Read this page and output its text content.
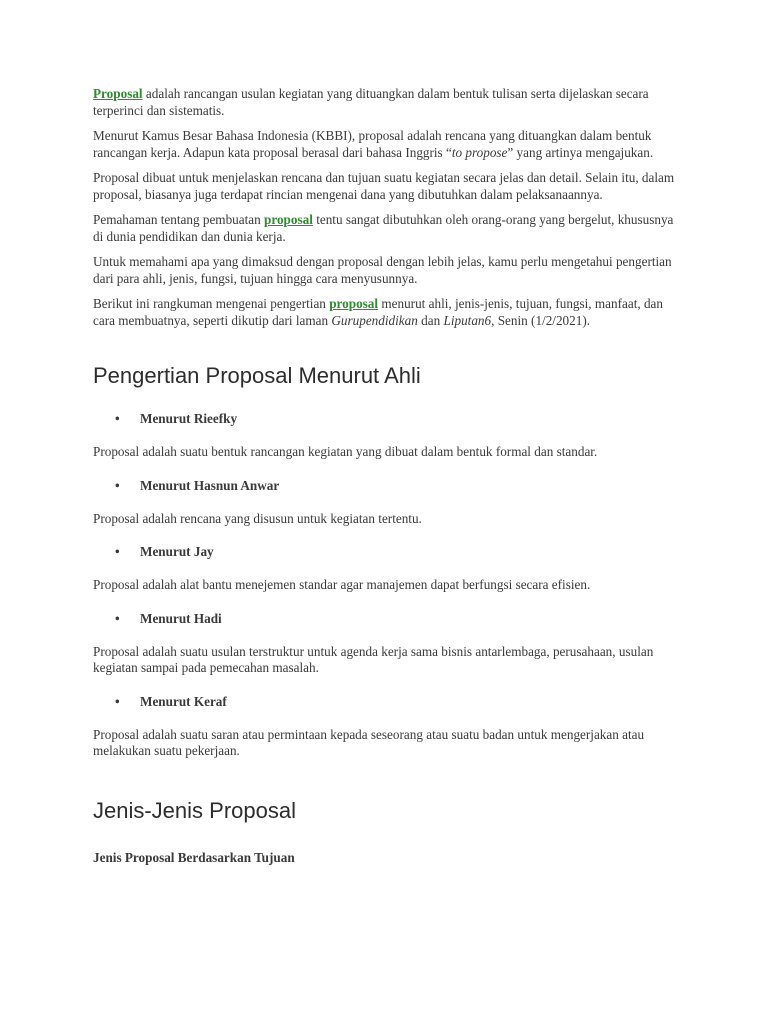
Proposal adalah rancangan usulan kegiatan yang dituangkan dalam bentuk tulisan serta dijelaskan secara terperinci dan sistematis.

Menurut Kamus Besar Bahasa Indonesia (KBBI), proposal adalah rencana yang dituangkan dalam bentuk rancangan kerja. Adapun kata proposal berasal dari bahasa Inggris “to propose” yang artinya mengajukan.

Proposal dibuat untuk menjelaskan rencana dan tujuan suatu kegiatan secara jelas dan detail. Selain itu, dalam proposal, biasanya juga terdapat rincian mengenai dana yang dibutuhkan dalam pelaksanaannya.

Pemahaman tentang pembuatan proposal tentu sangat dibutuhkan oleh orang-orang yang bergelut, khususnya di dunia pendidikan dan dunia kerja.

Untuk memahami apa yang dimaksud dengan proposal dengan lebih jelas, kamu perlu mengetahui pengertian dari para ahli, jenis, fungsi, tujuan hingga cara menyusunnya.

Berikut ini rangkuman mengenai pengertian proposal menurut ahli, jenis-jenis, tujuan, fungsi, manfaat, dan cara membuatnya, seperti dikutip dari laman Gurupendidikan dan Liputan6, Senin (1/2/2021).

Pengertian Proposal Menurut Ahli
• Menurut Rieefky

Proposal adalah suatu bentuk rancangan kegiatan yang dibuat dalam bentuk formal dan standar.

• Menurut Hasnun Anwar

Proposal adalah rencana yang disusun untuk kegiatan tertentu.

• Menurut Jay

Proposal adalah alat bantu menejemen standar agar manajemen dapat berfungsi secara efisien.

• Menurut Hadi

Proposal adalah suatu usulan terstruktur untuk agenda kerja sama bisnis antarlembaga, perusahaan, usulan kegiatan sampai pada pemecahan masalah.

• Menurut Keraf

Proposal adalah suatu saran atau permintaan kepada seseorang atau suatu badan untuk mengerjakan atau melakukan suatu pekerjaan.

Jenis-Jenis Proposal

Jenis Proposal Berdasarkan Tujuan
